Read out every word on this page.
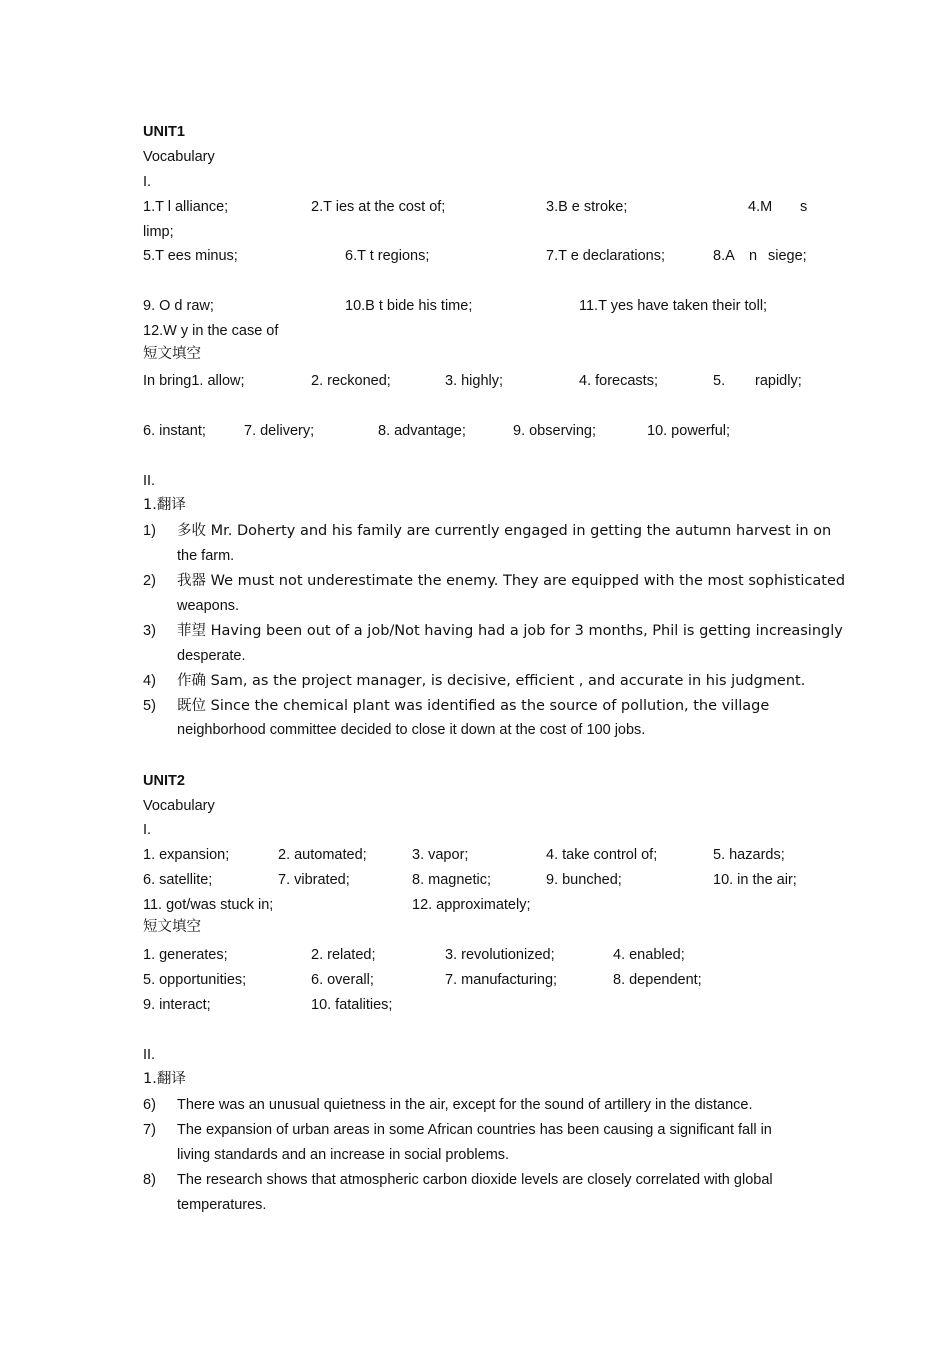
UNIT1
Vocabulary
I.
1.T l alliance;	2.T ies at the cost of;	3.B e stroke;	4.M s
limp;
5.T ees minus;	6.T t regions;	7.T e declarations;	8.A n siege;
9. O d raw;	10.B t bide his time;	11.T yes have taken their toll;
12.W y in the case of
短文填空
In bring1. allow;	2. reckoned;	3. highly;	4. forecasts;	5. rapidly;
6. instant;	7. delivery;	8. advantage;	9. observing;	10. powerful;
II.
1.翻译
1) 多收 Mr. Doherty and his family are currently engaged in getting the autumn harvest in on
the farm.
2) 我器 We must not underestimate the enemy. They are equipped with the most sophisticated
weapons.
3) 菲望 Having been out of a job/Not having had a job for 3 months, Phil is getting increasingly
desperate.
4) 作确 Sam, as the project manager, is decisive, efficient , and accurate in his judgment.
5) 既位 Since the chemical plant was identified as the source of pollution, the village
neighborhood committee decided to close it down at the cost of 100 jobs.
UNIT2
Vocabulary
I.
1. expansion;	2. automated;	3. vapor;	4. take control of;	5. hazards;
6. satellite;	7. vibrated;	8. magnetic;	9. bunched;	10. in the air;
11. got/was stuck in;	12. approximately;
短文填空
1. generates;	2. related;	3. revolutionized;	4. enabled;
5. opportunities;	6. overall;	7. manufacturing;	8. dependent;
9. interact;	10. fatalities;
II.
1.翻译
6) There was an unusual quietness in the air, except for the sound of artillery in the distance.
7) The expansion of urban areas in some African countries has been causing a significant fall in
living standards and an increase in social problems.
8) The research shows that atmospheric carbon dioxide levels are closely correlated with global
temperatures.
